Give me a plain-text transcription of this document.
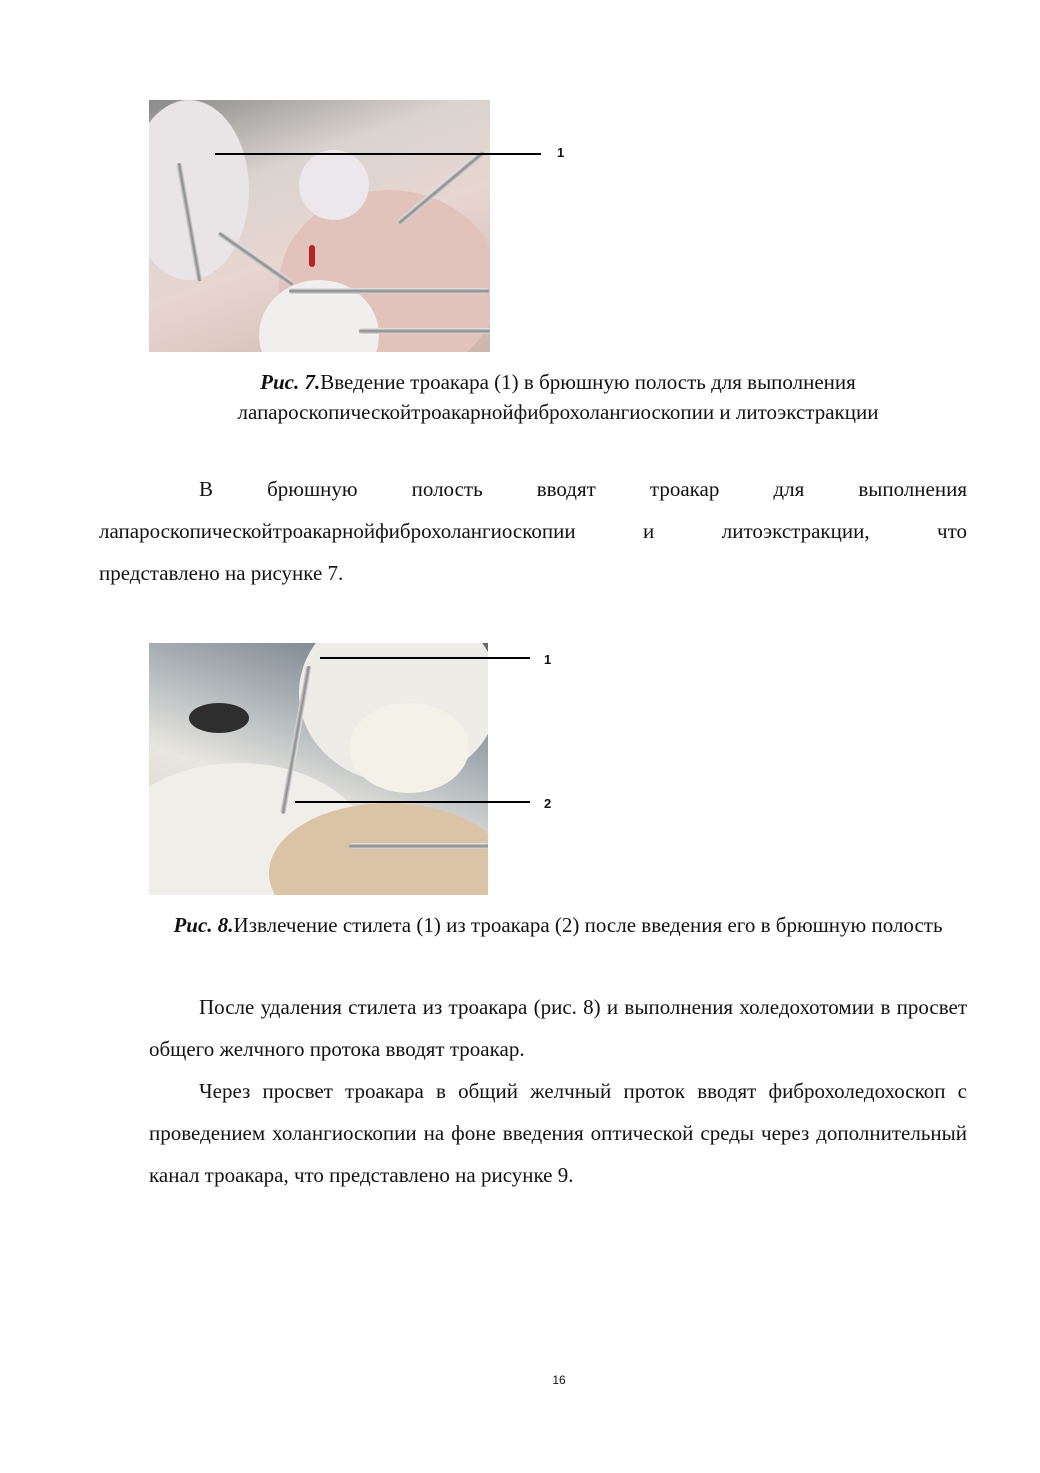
1
Рис. 7.Введение троакара (1) в брюшную полость для выполнения лапароскопическойтроакарнойфиброхолангиоскопии и литоэкстракции

В брюшную полость вводят троакар для выполнения
лапароскопическойтроакарнойфиброхолангиоскопии и литоэкстракции, что
представлено на рисунке 7.

1
2
Рис. 8.Извлечение стилета (1) из троакара (2) после введения его в брюшную полость

После удаления стилета из троакара (рис. 8) и выполнения холедохотомии в просвет общего желчного протока вводят троакар.

Через просвет троакара в общий желчный проток вводят фиброхоледохоскоп с проведением холангиоскопии на фоне введения оптической среды через дополнительный канал троакара, что представлено на рисунке 9.

16
